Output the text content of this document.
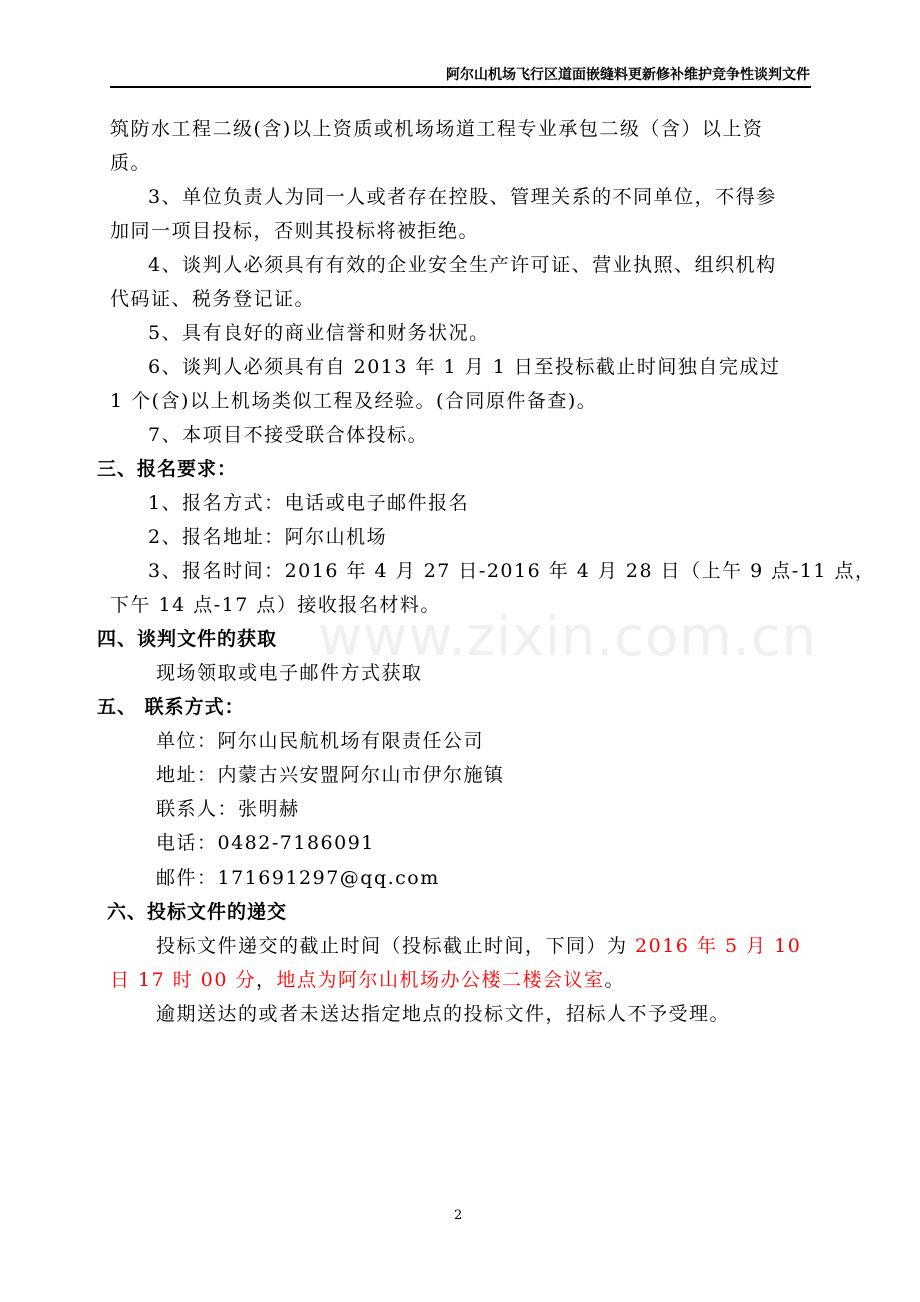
阿尔山机场飞行区道面嵌缝料更新修补维护竞争性谈判文件
www.zixin.com.cn
筑防水工程二级(含)以上资质或机场场道工程专业承包二级（含）以上资
质。
3、单位负责人为同一人或者存在控股、管理关系的不同单位，不得参
加同一项目投标，否则其投标将被拒绝。
4、谈判人必须具有有效的企业安全生产许可证、营业执照、组织机构
代码证、税务登记证。
5、具有良好的商业信誉和财务状况。
6、谈判人必须具有自 2013 年 1 月 1 日至投标截止时间独自完成过
1 个(含)以上机场类似工程及经验。(合同原件备查)。
7、本项目不接受联合体投标。
三、报名要求：
1、报名方式：电话或电子邮件报名
2、报名地址：阿尔山机场
3、报名时间：2016 年 4 月 27 日-2016 年 4 月 28 日（上午 9 点-11 点，
下午 14 点-17 点）接收报名材料。
四、谈判文件的获取
现场领取或电子邮件方式获取
五、 联系方式：
单位：阿尔山民航机场有限责任公司
地址：内蒙古兴安盟阿尔山市伊尔施镇
联系人：张明赫
电话：0482-7186091
邮件：171691297@qq.com
六、投标文件的递交
投标文件递交的截止时间（投标截止时间，下同）为 2016 年 5 月 10
日 17 时 00 分，地点为阿尔山机场办公楼二楼会议室。
逾期送达的或者未送达指定地点的投标文件，招标人不予受理。
2
